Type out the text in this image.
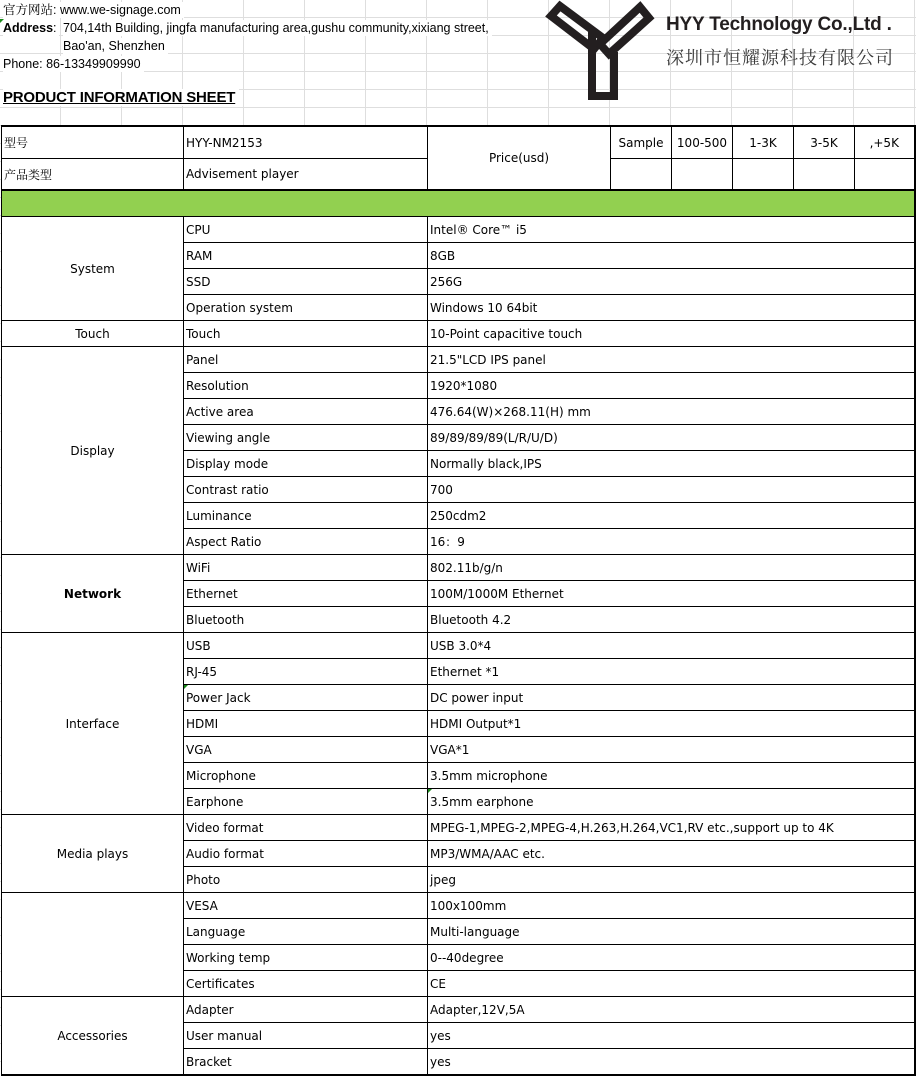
官方网站: www.we-signage.com
Address: 704,14th Building, jingfa manufacturing area,gushu community,xixiang street,
Bao'an, Shenzhen
Phone: 86-13349909990
PRODUCT INFORMATION SHEET
HYY Technology Co.,Ltd .
深圳市恒耀源科技有限公司
型号	HYY-NM2153	Price(usd)	Sample	100-500	1-3K	3-5K	,+5K
产品类型	Advisement player						

System	CPU	Intel® Core™ i5					
	RAM	8GB					
	SSD	256G					
	Operation system	Windows 10 64bit					
Touch	Touch	10-Point capacitive touch					
Display	Panel	21.5"LCD IPS panel					
	Resolution	1920*1080					
	Active area	476.64(W)×268.11(H) mm					
	Viewing angle	89/89/89/89(L/R/U/D)					
	Display mode	Normally black,IPS					
	Contrast ratio	700					
	Luminance	250cdm2					
	Aspect Ratio	16：9					
Network	WiFi	802.11b/g/n					
	Ethernet	100M/1000M Ethernet					
	Bluetooth	Bluetooth 4.2					
Interface	USB	USB 3.0*4					
	RJ-45	Ethernet *1					
	Power Jack	DC power input					
	HDMI	HDMI Output*1					
	VGA	VGA*1					
	Microphone	3.5mm microphone					
	Earphone	3.5mm earphone					
Media plays	Video format	MPEG-1,MPEG-2,MPEG-4,H.263,H.264,VC1,RV etc.,support up to 4K					
	Audio format	MP3/WMA/AAC etc.					
	Photo	jpeg					
	VESA	100x100mm					
	Language	Multi-language					
	Working temp	0--40degree					
	Certificates	CE					
Accessories	Adapter	Adapter,12V,5A					
	User manual	yes					
	Bracket	yes					
